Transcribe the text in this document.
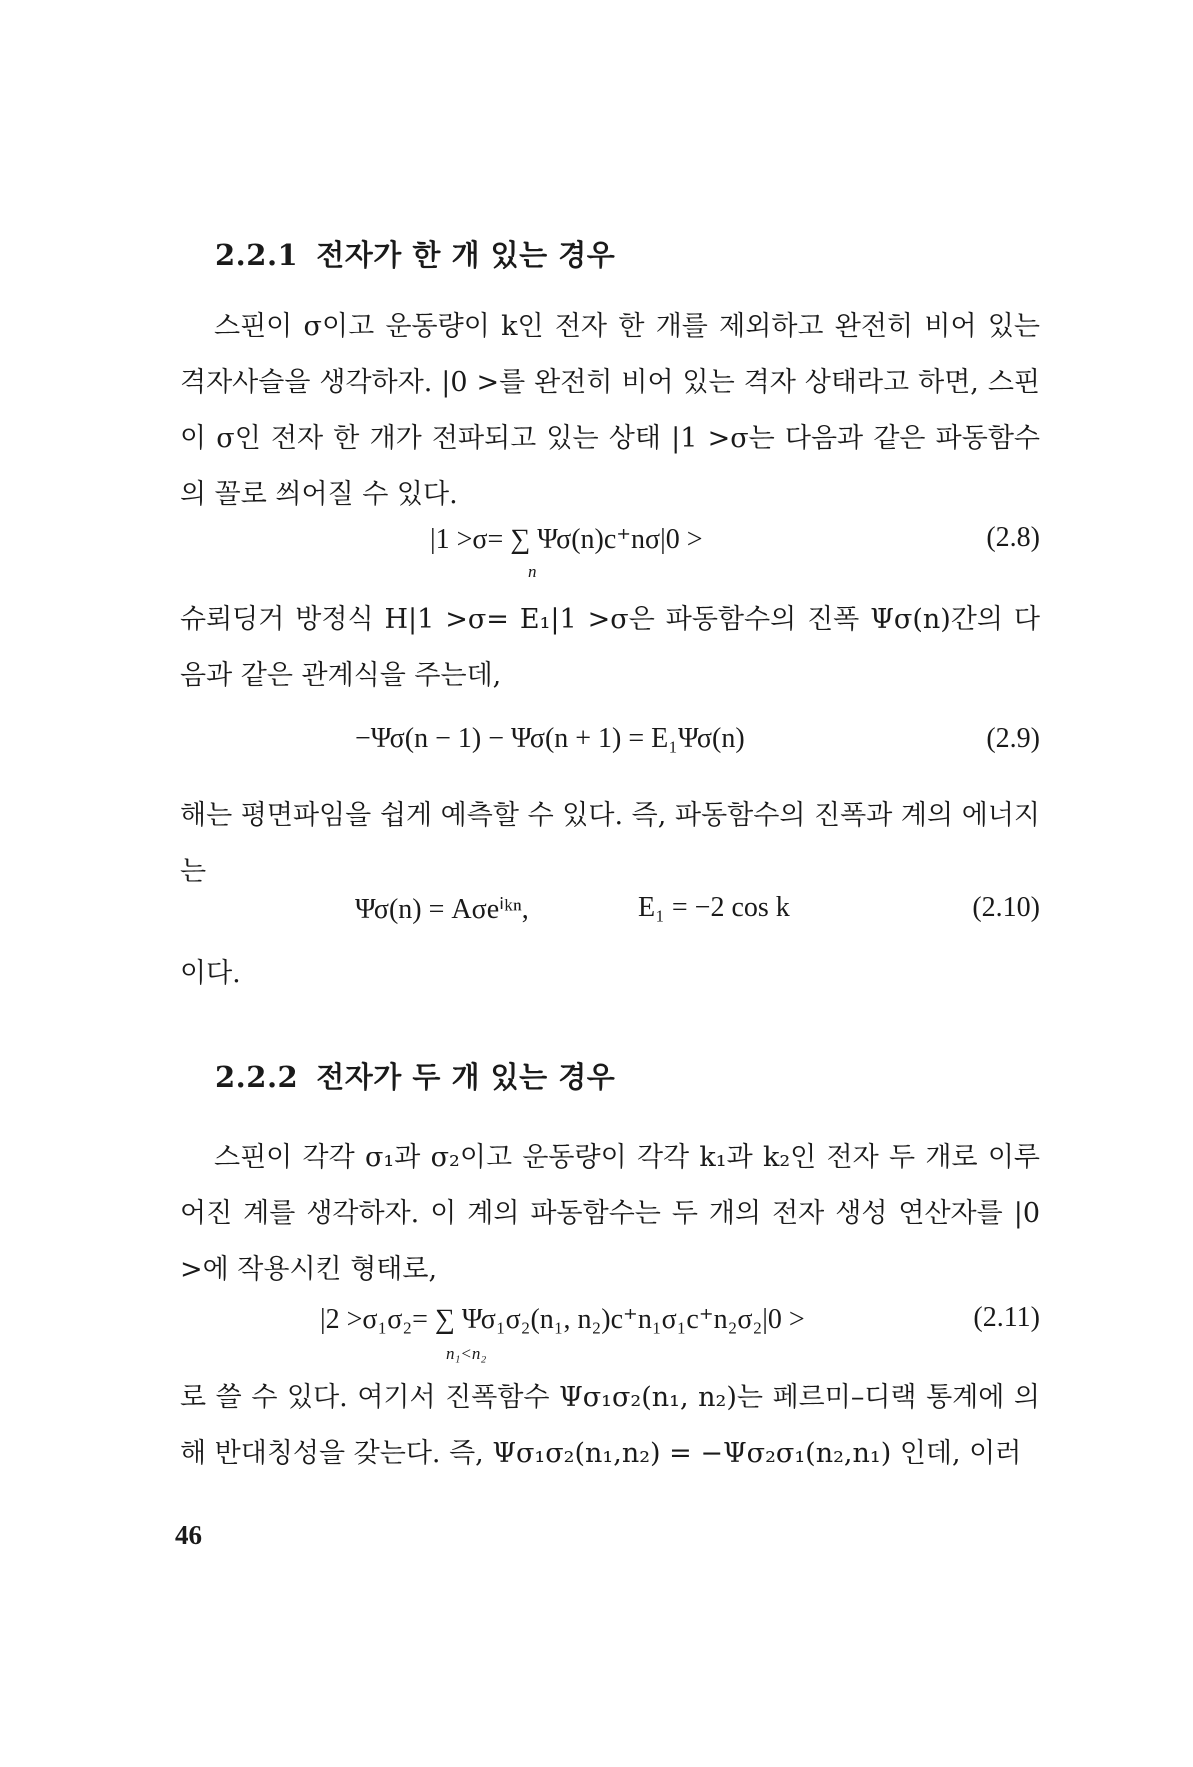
2.2.1 전자가 한 개 있는 경우
스핀이 σ이고 운동량이 k인 전자 한 개를 제외하고 완전히 비어 있는 격자사슬을 생각하자. |0 >를 완전히 비어 있는 격자 상태라고 하면, 스핀이 σ인 전자 한 개가 전파되고 있는 상태 |1 >σ는 다음과 같은 파동함수의 꼴로 씌어질 수 있다.
|1 >σ= ∑ Ψσ(n)c⁺nσ|0 >
n
(2.8)
슈뢰딩거 방정식 H|1 >σ= E₁|1 >σ은 파동함수의 진폭 Ψσ(n)간의 다음과 같은 관계식을 주는데,
−Ψσ(n − 1) − Ψσ(n + 1) = E₁Ψσ(n)	(2.9)
해는 평면파임을 쉽게 예측할 수 있다. 즉, 파동함수의 진폭과 계의 에너지는
Ψσ(n) = Aσeⁱᵏⁿ,	E₁ = −2 cos k	(2.10)
이다.
2.2.2 전자가 두 개 있는 경우
스핀이 각각 σ₁과 σ₂이고 운동량이 각각 k₁과 k₂인 전자 두 개로 이루어진 계를 생각하자. 이 계의 파동함수는 두 개의 전자 생성 연산자를 |0 >에 작용시킨 형태로,
|2 >σ₁σ₂= ∑ Ψσ₁σ₂(n₁, n₂)c⁺n₁σ₁c⁺n₂σ₂|0 >
n₁<n₂
(2.11)
로 쓸 수 있다. 여기서 진폭함수 Ψσ₁σ₂(n₁, n₂)는 페르미–디랙 통계에 의해 반대칭성을 갖는다. 즉, Ψσ₁σ₂(n₁,n₂) = −Ψσ₂σ₁(n₂,n₁) 인데, 이러
46
